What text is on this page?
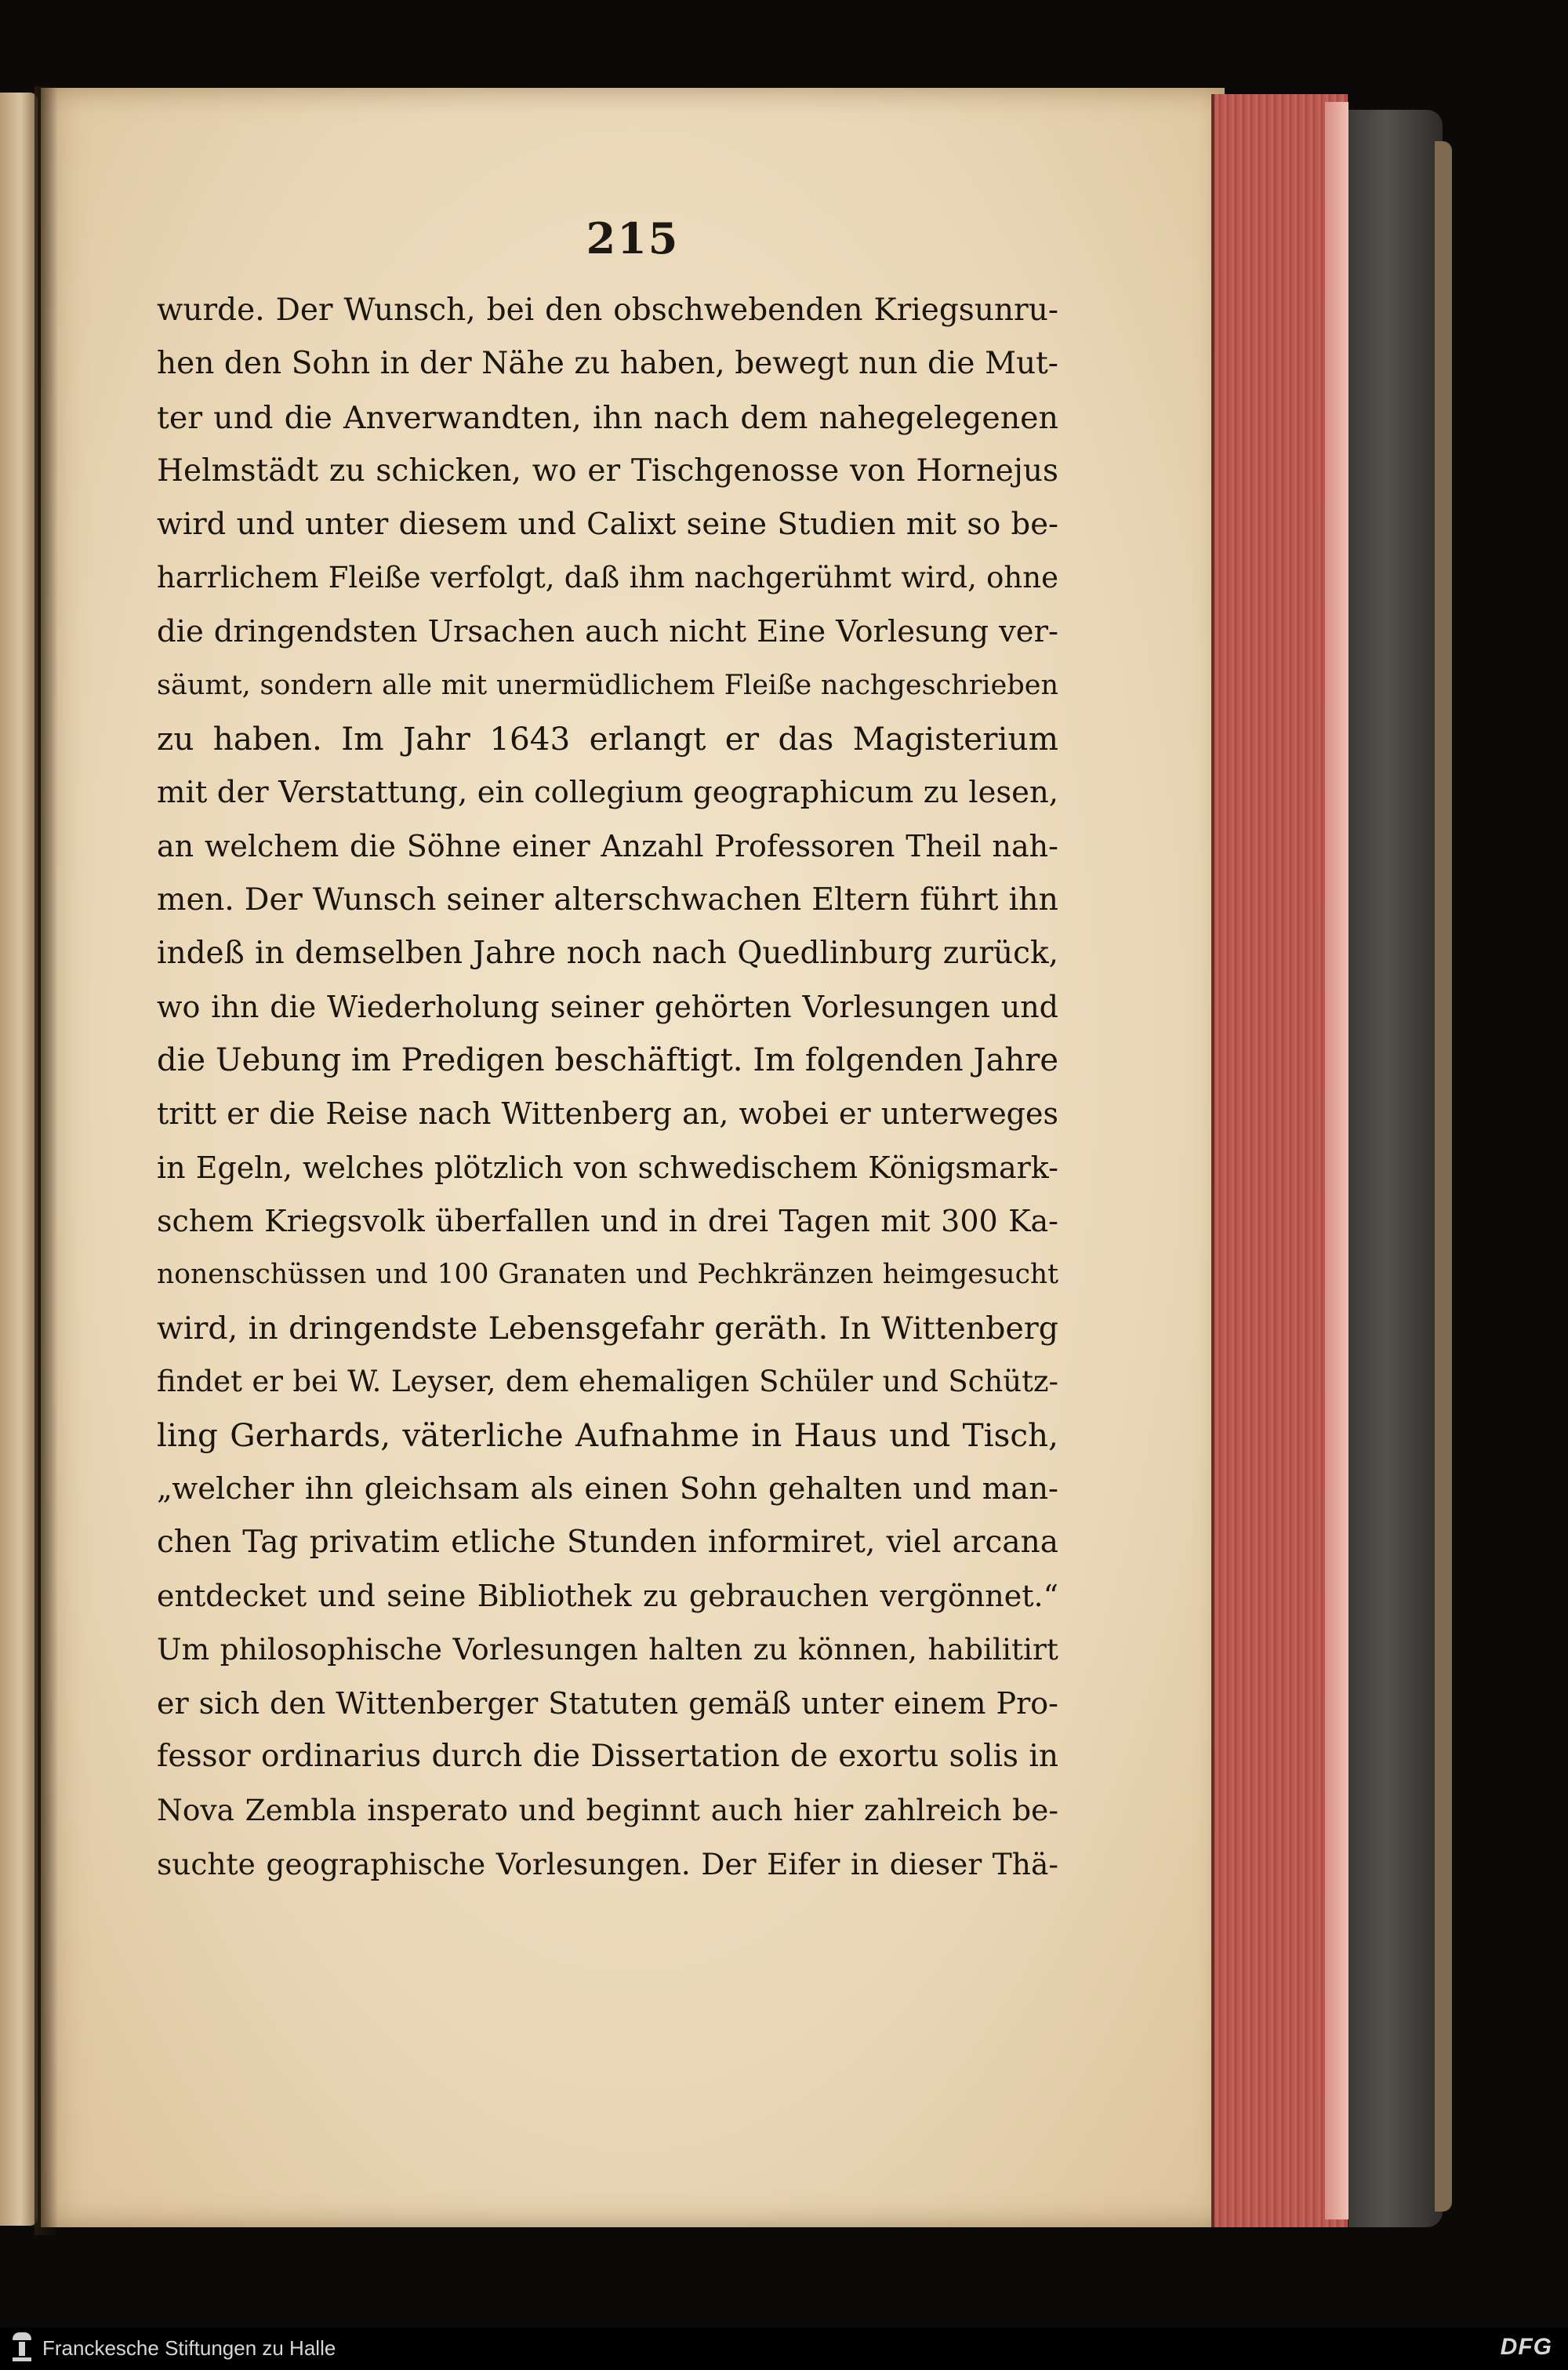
215
wurde. Der Wunsch, bei den obschwebenden Kriegsunru-
hen den Sohn in der Nähe zu haben, bewegt nun die Mut-
ter und die Anverwandten, ihn nach dem nahegelegenen
Helmstädt zu schicken, wo er Tischgenosse von Hornejus
wird und unter diesem und Calixt seine Studien mit so be-
harrlichem Fleiße verfolgt, daß ihm nachgerühmt wird, ohne
die dringendsten Ursachen auch nicht Eine Vorlesung ver-
säumt, sondern alle mit unermüdlichem Fleiße nachgeschrieben
zu haben. Im Jahr 1643 erlangt er das Magisterium
mit der Verstattung, ein collegium geographicum zu lesen,
an welchem die Söhne einer Anzahl Professoren Theil nah-
men. Der Wunsch seiner alterschwachen Eltern führt ihn
indeß in demselben Jahre noch nach Quedlinburg zurück,
wo ihn die Wiederholung seiner gehörten Vorlesungen und
die Uebung im Predigen beschäftigt. Im folgenden Jahre
tritt er die Reise nach Wittenberg an, wobei er unterweges
in Egeln, welches plötzlich von schwedischem Königsmark-
schem Kriegsvolk überfallen und in drei Tagen mit 300 Ka-
nonenschüssen und 100 Granaten und Pechkränzen heimgesucht
wird, in dringendste Lebensgefahr geräth. In Wittenberg
findet er bei W. Leyser, dem ehemaligen Schüler und Schütz-
ling Gerhards, väterliche Aufnahme in Haus und Tisch,
„welcher ihn gleichsam als einen Sohn gehalten und man-
chen Tag privatim etliche Stunden informiret, viel arcana
entdecket und seine Bibliothek zu gebrauchen vergönnet.“
Um philosophische Vorlesungen halten zu können, habilitirt
er sich den Wittenberger Statuten gemäß unter einem Pro-
fessor ordinarius durch die Dissertation de exortu solis in
Nova Zembla insperato und beginnt auch hier zahlreich be-
suchte geographische Vorlesungen. Der Eifer in dieser Thä-
Franckesche Stiftungen zu Halle	DFG
